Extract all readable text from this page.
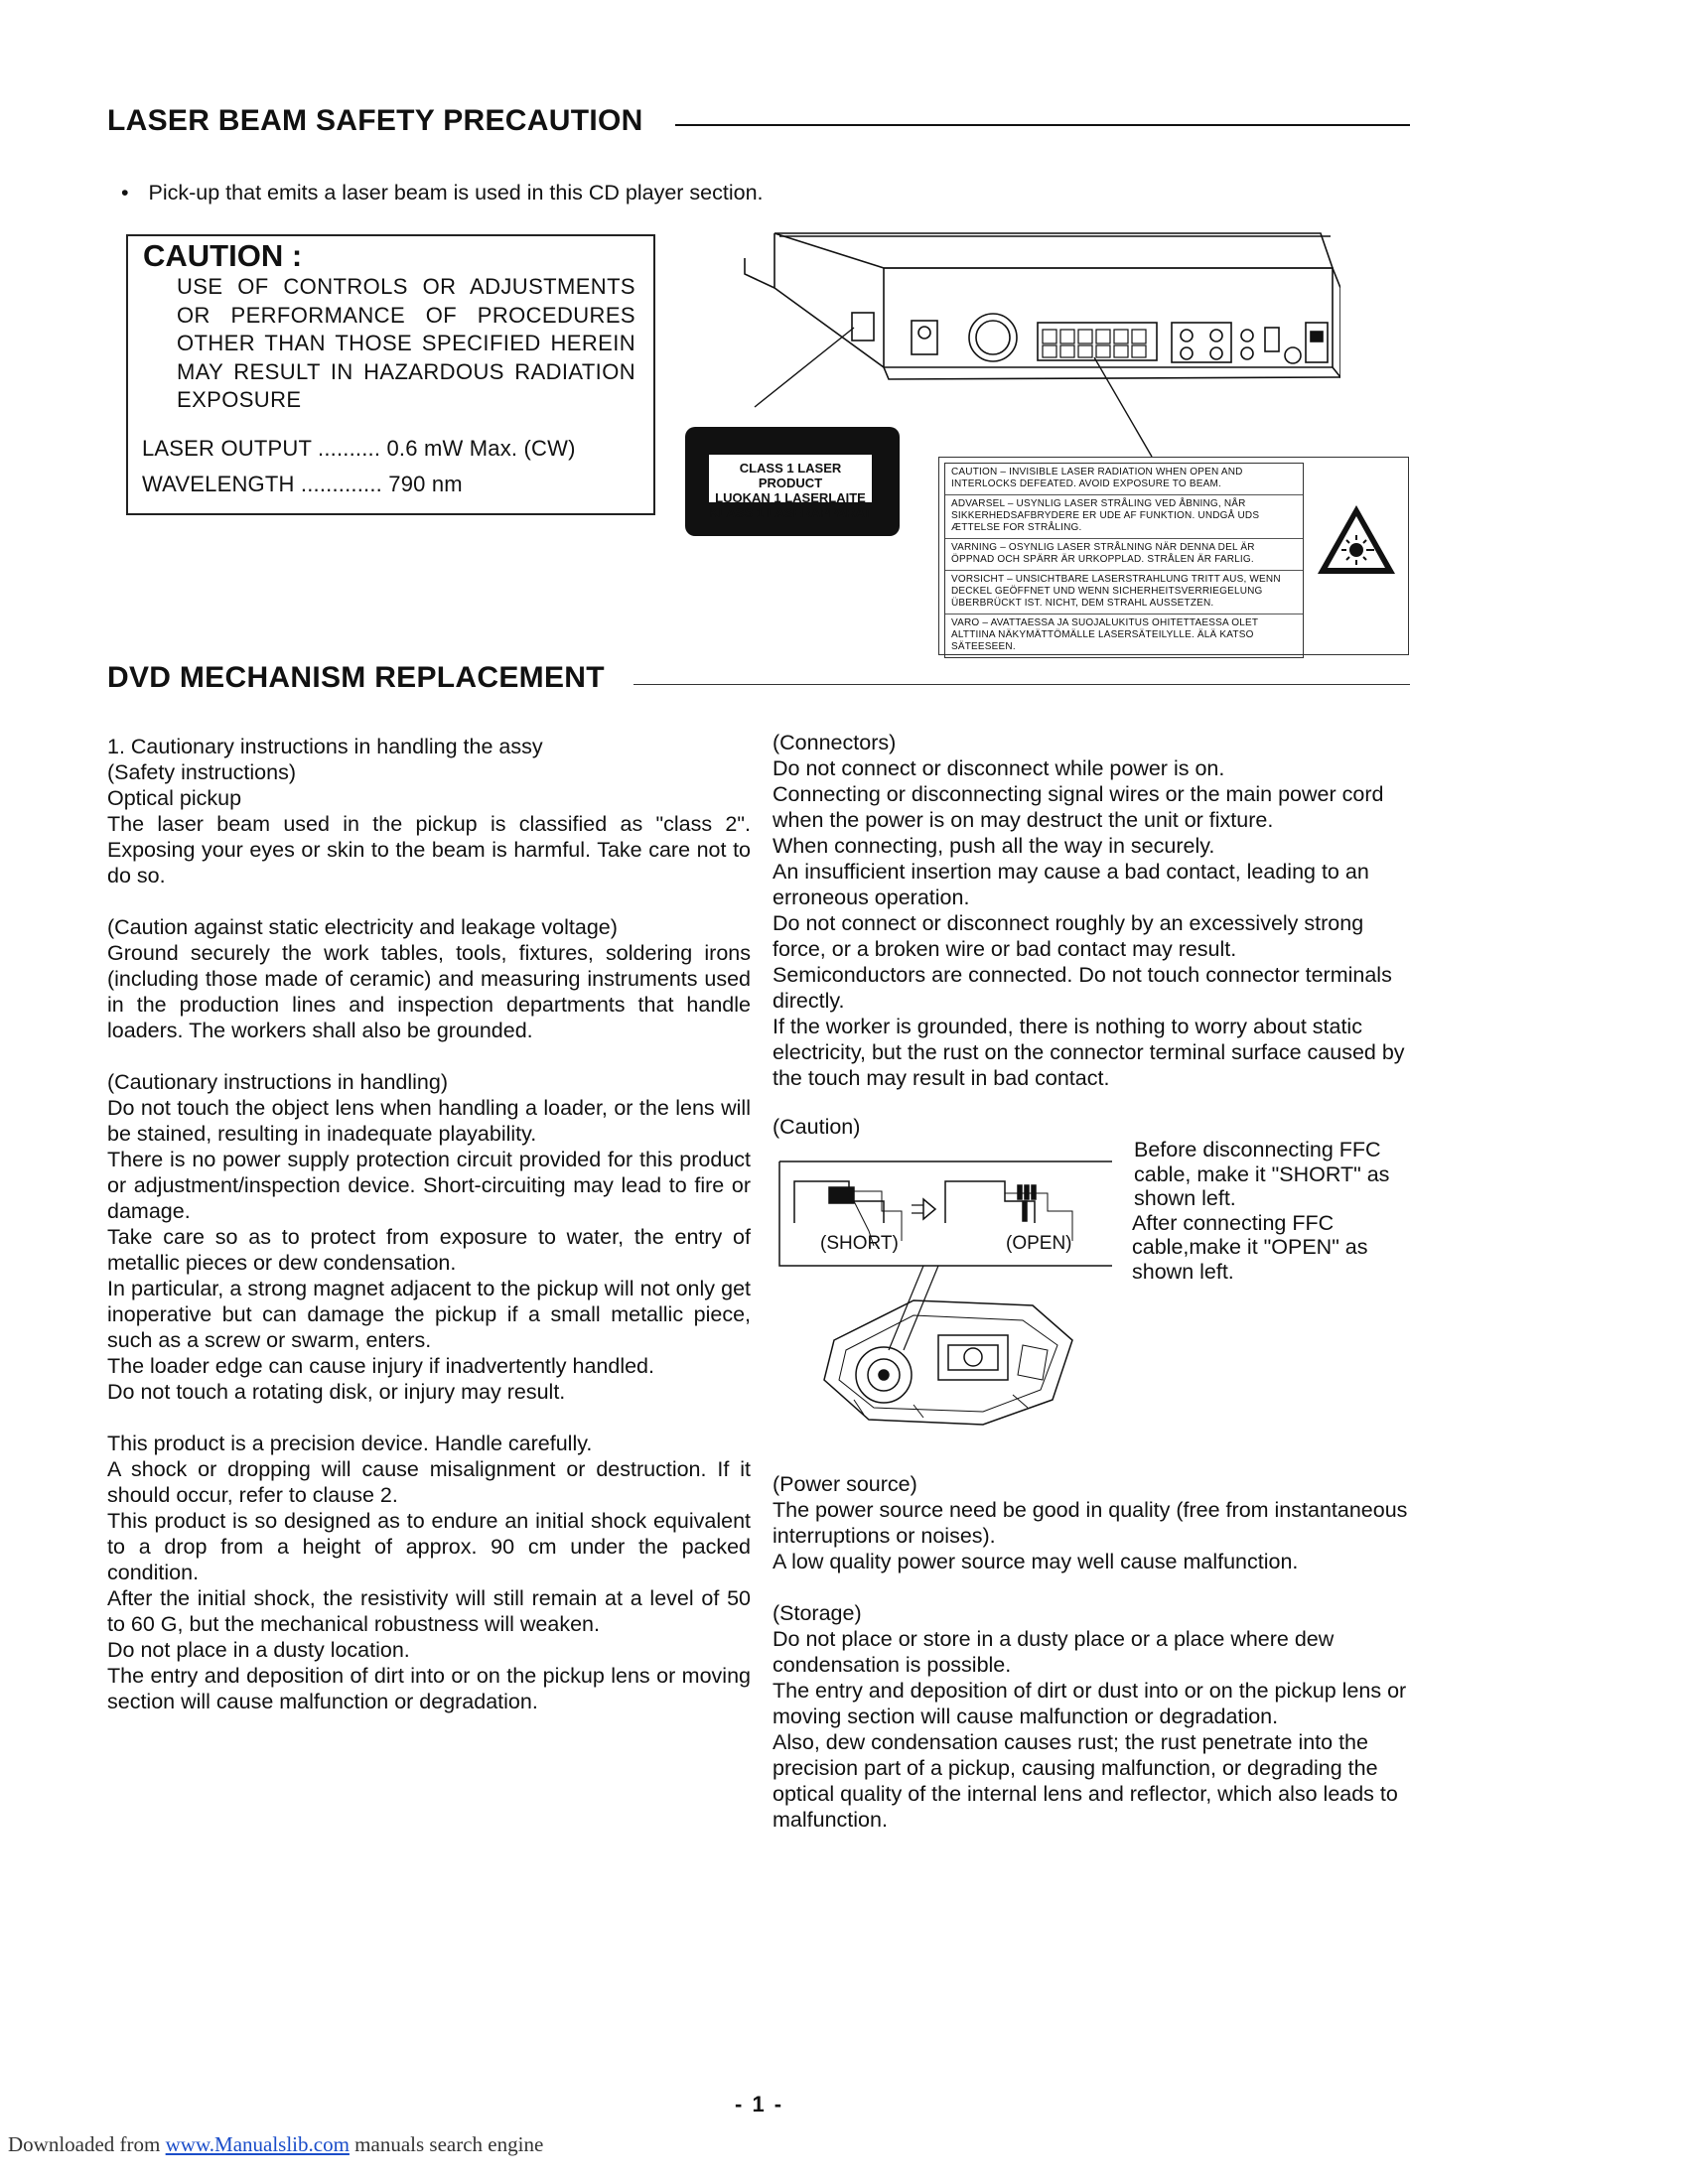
LASER BEAM SAFETY PRECAUTION
• Pick-up that emits a laser beam is used in this CD player section.
CAUTION :
USE OF CONTROLS OR ADJUSTMENTS
OR PERFORMANCE OF PROCEDURES
OTHER THAN THOSE SPECIFIED HEREIN
MAY RESULT IN HAZARDOUS RADIATION
EXPOSURE
LASER OUTPUT .......... 0.6 mW Max. (CW)
WAVELENGTH ............. 790 nm
CLASS 1 LASER PRODUCT
LUOKAN 1 LASERLAITE
KLASS 1 LASERAPPARAT
CAUTION – INVISIBLE LASER RADIATION WHEN OPEN AND INTERLOCKS DEFEATED. AVOID EXPOSURE TO BEAM.
ADVARSEL – USYNLIG LASER STRÅLING VED ÅBNING, NÅR SIKKERHEDSAFBRYDERE ER UDE AF FUNKTION. UNDGÅ UDS ÆTTELSE FOR STRÅLING.
VARNING – OSYNLIG LASER STRÅLNING NÄR DENNA DEL ÄR ÖPPNAD OCH SPÄRR ÄR URKOPPLAD. STRÅLEN ÄR FARLIG.
VORSICHT – UNSICHTBARE LASERSTRAHLUNG TRITT AUS, WENN DECKEL GEÖFFNET UND WENN SICHERHEITSVERRIEGELUNG ÜBERBRÜCKT IST. NICHT, DEM STRAHL AUSSETZEN.
VARO – AVATTAESSA JA SUOJALUKITUS OHITETTAESSA OLET ALTTIINA NÄKYMÄTTÖMÄLLE LASERSÄTEILYLLE. ÄLÄ KATSO SÄTEESEEN.
DVD MECHANISM REPLACEMENT

1. Cautionary instructions in handling the assy

(Safety instructions)

Optical pickup

The laser beam used in the pickup is classified as "class 2". Exposing your eyes or skin to the beam is harmful. Take care not to do so.

(Caution against static electricity and leakage voltage)

Ground securely the work tables, tools, fixtures, soldering irons (including those made of ceramic) and measuring instruments used in the production lines and inspection departments that handle loaders. The workers shall also be grounded.

(Cautionary instructions in handling)

Do not touch the object lens when handling a loader, or the lens will be stained, resulting in inadequate playability.

There is no power supply protection circuit provided for this product or adjustment/inspection device. Short-circuiting may lead to fire or damage.

Take care so as to protect from exposure to water, the entry of metallic pieces or dew condensation.

In particular, a strong magnet adjacent to the pickup will not only get inoperative but can damage the pickup if a small metallic piece, such as a screw or swarm, enters.

The loader edge can cause injury if inadvertently handled.

Do not touch a rotating disk, or injury may result.

This product is a precision device. Handle carefully.

A shock or dropping will cause misalignment or destruction. If it should occur, refer to clause 2.

This product is so designed as to endure an initial shock equivalent to a drop from a height of approx. 90 cm under the packed condition.

After the initial shock, the resistivity will still remain at a level of 50 to 60 G, but the mechanical robustness will weaken.

Do not place in a dusty location.

The entry and deposition of dirt into or on the pickup lens or moving section will cause malfunction or degradation.

(Connectors)

Do not connect or disconnect while power is on.

Connecting or disconnecting signal wires or the main power cord when the power is on may destruct the unit or fixture.

When connecting, push all the way in securely.

An insufficient insertion may cause a bad contact, leading to an erroneous operation.

Do not connect or disconnect roughly by an excessively strong force, or a broken wire or bad contact may result.

Semiconductors are connected. Do not touch connector terminals directly.

If the worker is grounded, there is nothing to worry about static electricity, but the rust on the connector terminal surface caused by the touch may result in bad contact.

(Caution)
(SHORT)	(OPEN)

Before disconnecting FFC cable, make it "SHORT" as shown left.

After connecting FFC cable,make it "OPEN" as shown left.

(Power source)

The power source need be good in quality (free from instantaneous interruptions or noises).

A low quality power source may well cause malfunction.

(Storage)

Do not place or store in a dusty place or a place where dew condensation is possible.

The entry and deposition of dirt or dust into or on the pickup lens or moving section will cause malfunction or degradation.

Also, dew condensation causes rust; the rust penetrate into the precision part of a pickup, causing malfunction, or degrading the optical quality of the internal lens and reflector, which also leads to malfunction.

- 1 -
Downloaded from www.Manualslib.com manuals search engine
